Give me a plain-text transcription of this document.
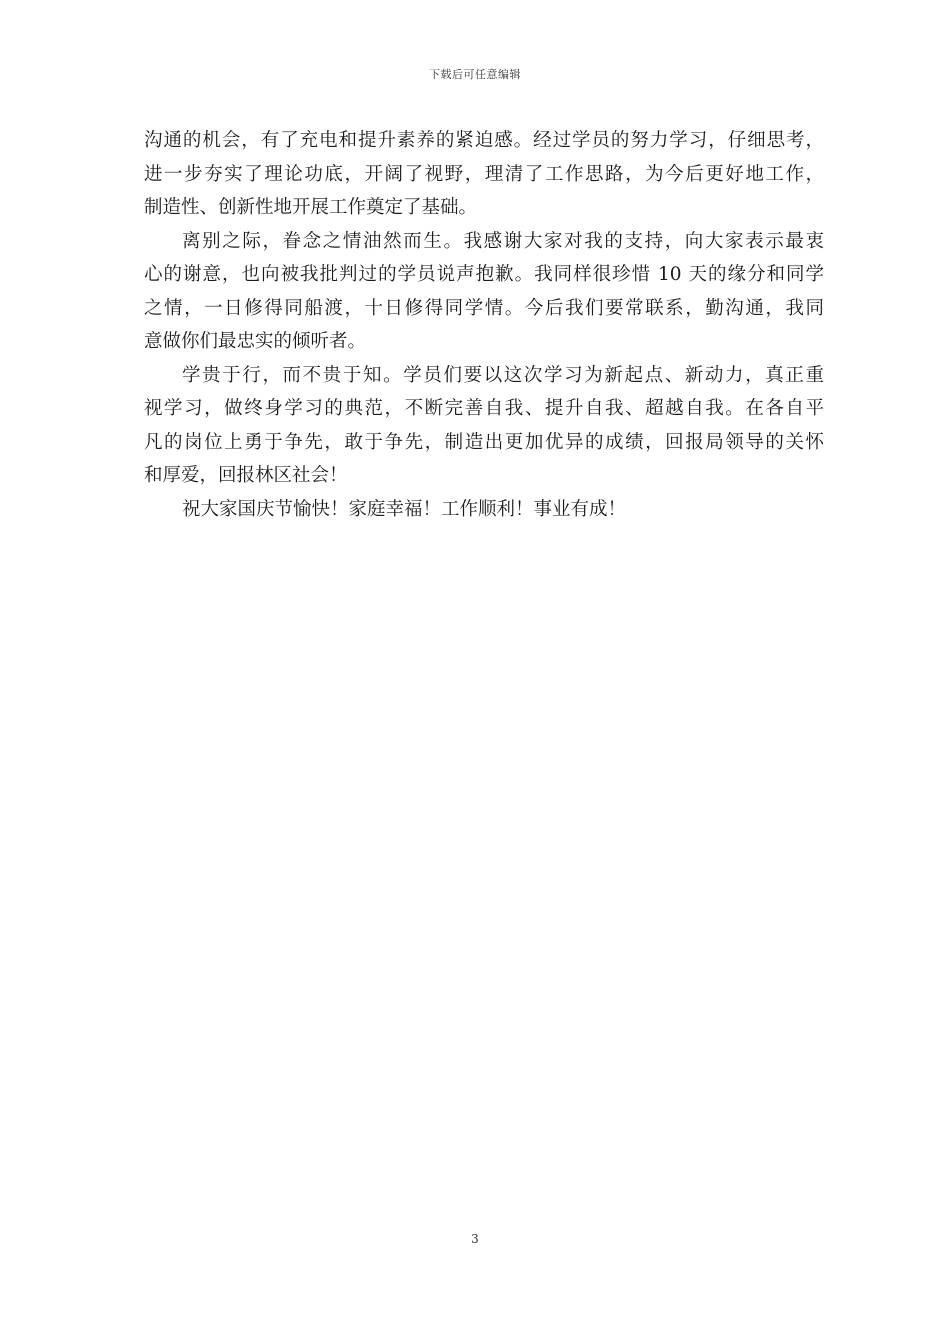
下载后可任意编辑
沟通的机会，有了充电和提升素养的紧迫感。经过学员的努力学习，仔细思考，
进一步夯实了理论功底，开阔了视野，理清了工作思路，为今后更好地工作，
制造性、创新性地开展工作奠定了基础。
离别之际，眷念之情油然而生。我感谢大家对我的支持，向大家表示最衷
心的谢意，也向被我批判过的学员说声抱歉。我同样很珍惜 10 天的缘分和同学
之情，一日修得同船渡，十日修得同学情。今后我们要常联系，勤沟通，我同
意做你们最忠实的倾听者。
学贵于行，而不贵于知。学员们要以这次学习为新起点、新动力，真正重
视学习，做终身学习的典范，不断完善自我、提升自我、超越自我。在各自平
凡的岗位上勇于争先，敢于争先，制造出更加优异的成绩，回报局领导的关怀
和厚爱，回报林区社会！
祝大家国庆节愉快！家庭幸福！工作顺利！事业有成！
3
